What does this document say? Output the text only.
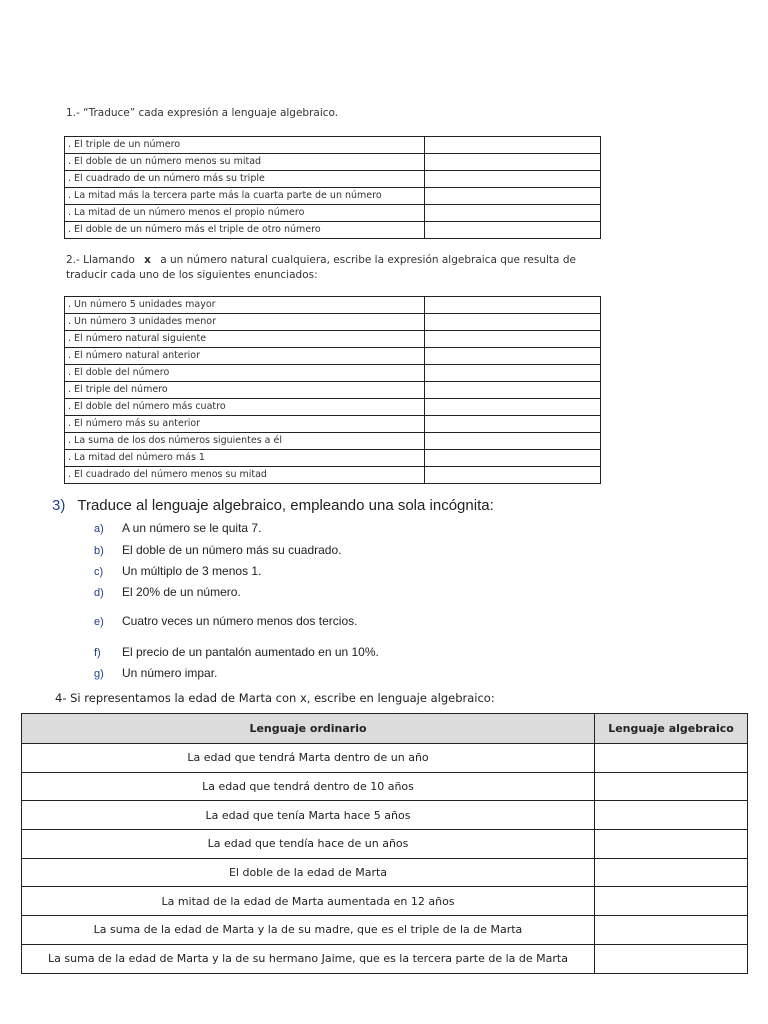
1.- “Traduce” cada expresión a lenguaje algebraico.
. El triple de un número	
. El doble de un número menos su mitad	
. El cuadrado de un número más su triple	
. La mitad más la tercera parte más la cuarta parte de un número	
. La mitad de un número menos el propio número	
. El doble de un número más el triple de otro número	
2.- Llamando x a un número natural cualquiera, escribe la expresión algebraica que resulta de
traducir cada uno de los siguientes enunciados:
. Un número 5 unidades mayor	
. Un número 3 unidades menor	
. El número natural siguiente	
. El número natural anterior	
. El doble del número	
. El triple del número	
. El doble del número más cuatro	
. El número más su anterior	
. La suma de los dos números siguientes a él	
. La mitad del número más 1	
. El cuadrado del número menos su mitad	
3) Traduce al lenguaje algebraico, empleando una sola incógnita:
a) A un número se le quita 7.
b) El doble de un número más su cuadrado.
c) Un múltiplo de 3 menos 1.
d) El 20% de un número.
e) Cuatro veces un número menos dos tercios.
f) El precio de un pantalón aumentado en un 10%.
g) Un número impar.
4- Si representamos la edad de Marta con x, escribe en lenguaje algebraico:
Lenguaje ordinario	Lenguaje algebraico
La edad que tendrá Marta dentro de un año	
La edad que tendrá dentro de 10 años	
La edad que tenía Marta hace 5 años	
La edad que tendía hace de un años	
El doble de la edad de Marta	
La mitad de la edad de Marta aumentada en 12 años	
La suma de la edad de Marta y la de su madre, que es el triple de la de Marta	
La suma de la edad de Marta y la de su hermano Jaime, que es la tercera parte de la de Marta	
